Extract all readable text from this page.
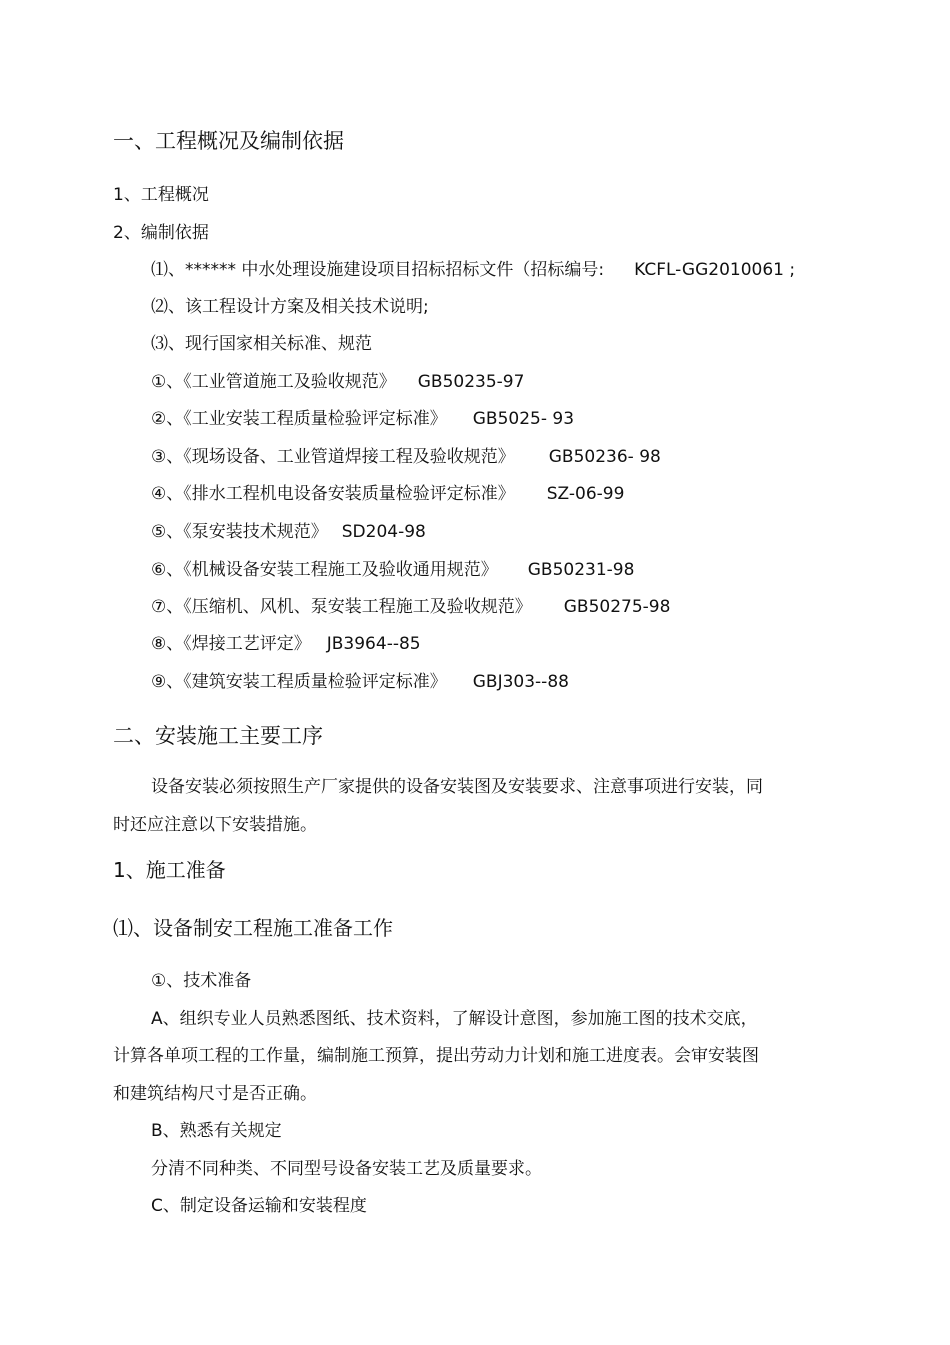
一、工程概况及编制依据
1、工程概况
2、编制依据
⑴、****** 中水处理设施建设项目招标招标文件（招标编号: KCFL-GG2010061 ;
⑵、该工程设计方案及相关技术说明;
⑶、现行国家相关标准、规范
①、《工业管道施工及验收规范》 GB50235-97
②、《工业安装工程质量检验评定标准》 GB5025- 93
③、《现场设备、工业管道焊接工程及验收规范》 GB50236- 98
④、《排水工程机电设备安装质量检验评定标准》 SZ-06-99
⑤、《泵安装技术规范》 SD204-98
⑥、《机械设备安装工程施工及验收通用规范》 GB50231-98
⑦、《压缩机、风机、泵安装工程施工及验收规范》 GB50275-98
⑧、《焊接工艺评定》 JB3964--85
⑨、《建筑安装工程质量检验评定标准》 GBJ303--88
二、安装施工主要工序
设备安装必须按照生产厂家提供的设备安装图及安装要求、注意事项进行安装，同
时还应注意以下安装措施。
1、施工准备
⑴、设备制安工程施工准备工作
①、技术准备
A、组织专业人员熟悉图纸、技术资料，了解设计意图，参加施工图的技术交底，
计算各单项工程的工作量，编制施工预算，提出劳动力计划和施工进度表。会审安装图
和建筑结构尺寸是否正确。
B、熟悉有关规定
分清不同种类、不同型号设备安装工艺及质量要求。
C、制定设备运输和安装程度
